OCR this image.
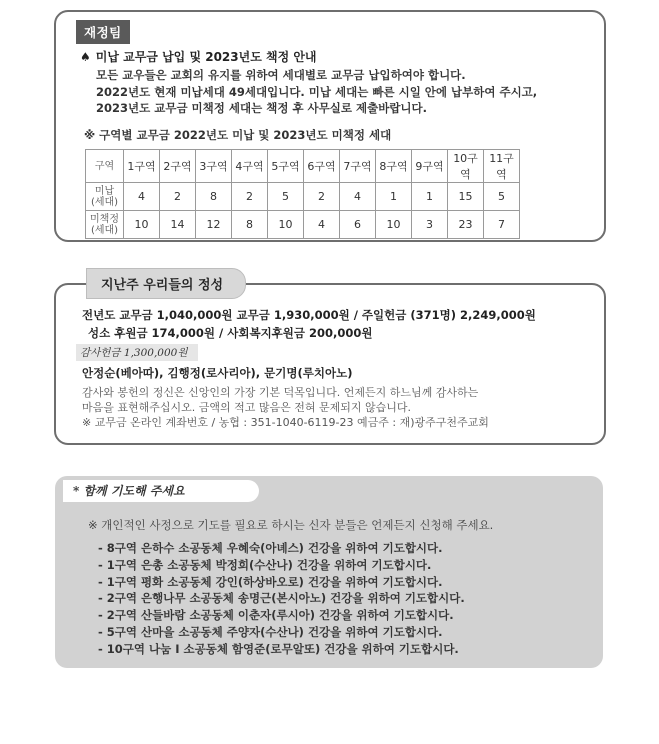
재정팀
♠ 미납 교무금 납입 및 2023년도 책정 안내
모든 교우들은 교회의 유지를 위하여 세대별로 교무금 납입하여야 합니다.
2022년도 현재 미납세대 49세대입니다. 미납 세대는 빠른 시일 안에 납부하여 주시고,
2023년도 교무금 미책정 세대는 책정 후 사무실로 제출바랍니다.
※ 구역별 교무금 2022년도 미납 및 2023년도 미책정 세대
구역	1구역	2구역	3구역	4구역	5구역	6구역	7구역	8구역	9구역	10구역	11구역
미납
(세대)	4	2	8	2	5	2	4	1	1	15	5
미책정
(세대)	10	14	12	8	10	4	6	10	3	23	7
전년도 교무금 1,040,000원 교무금 1,930,000원 / 주일헌금 (371명) 2,249,000원
성소 후원금 174,000원 / 사회복지후원금 200,000원
감사헌금 1,300,000원
안정순(베아따), 김행정(로사리아), 문기명(루치아노)
감사와 봉헌의 정신은 신앙인의 가장 기본 덕목입니다. 언제든지 하느님께 감사하는
마음을 표현해주십시오. 금액의 적고 많음은 전혀 문제되지 않습니다.
※ 교무금 온라인 계좌번호 / 농협 : 351-1040-6119-23 예금주 : 재)광주구천주교회
지난주 우리들의 정성
* 함께 기도해 주세요
※ 개인적인 사정으로 기도를 필요로 하시는 신자 분들은 언제든지 신청해 주세요.
- 8구역 은하수 소공동체 우혜숙(아녜스) 건강을 위하여 기도합시다.
- 1구역 은총 소공동체 박정희(수산나) 건강을 위하여 기도합시다.
- 1구역 평화 소공동체 강인(하상바오로) 건강을 위하여 기도합시다.
- 2구역 은행나무 소공동체 송명근(본시아노) 건강을 위하여 기도합시다.
- 2구역 산들바람 소공동체 이춘자(루시아) 건강을 위하여 기도합시다.
- 5구역 산마을 소공동체 주양자(수산나) 건강을 위하여 기도합시다.
- 10구역 나눔 I 소공동체 함영준(로무알또) 건강을 위하여 기도합시다.
